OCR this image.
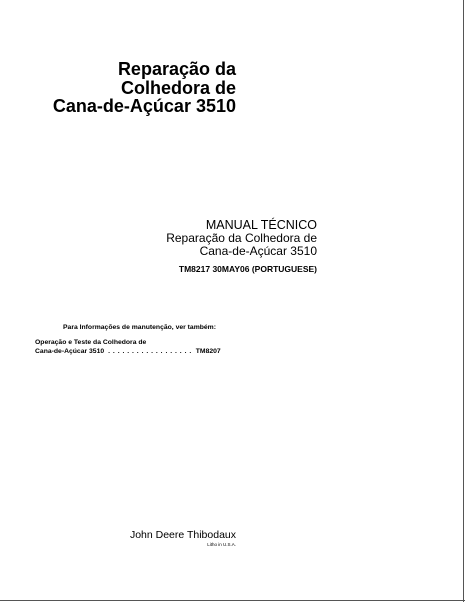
Reparação da
Colhedora de
Cana-de-Açúcar 3510
MANUAL TÉCNICO
Reparação da Colhedora de
Cana-de-Açúcar 3510
TM8217 30MAY06 (PORTUGUESE)
Para Informações de manutenção, ver também:
Operação e Teste da Colhedora de
Cana-de-Açúcar 3510 . . . . . . . . . . . . . . . . . . TM8207
John Deere Thibodaux
Litho in U.S.A.
